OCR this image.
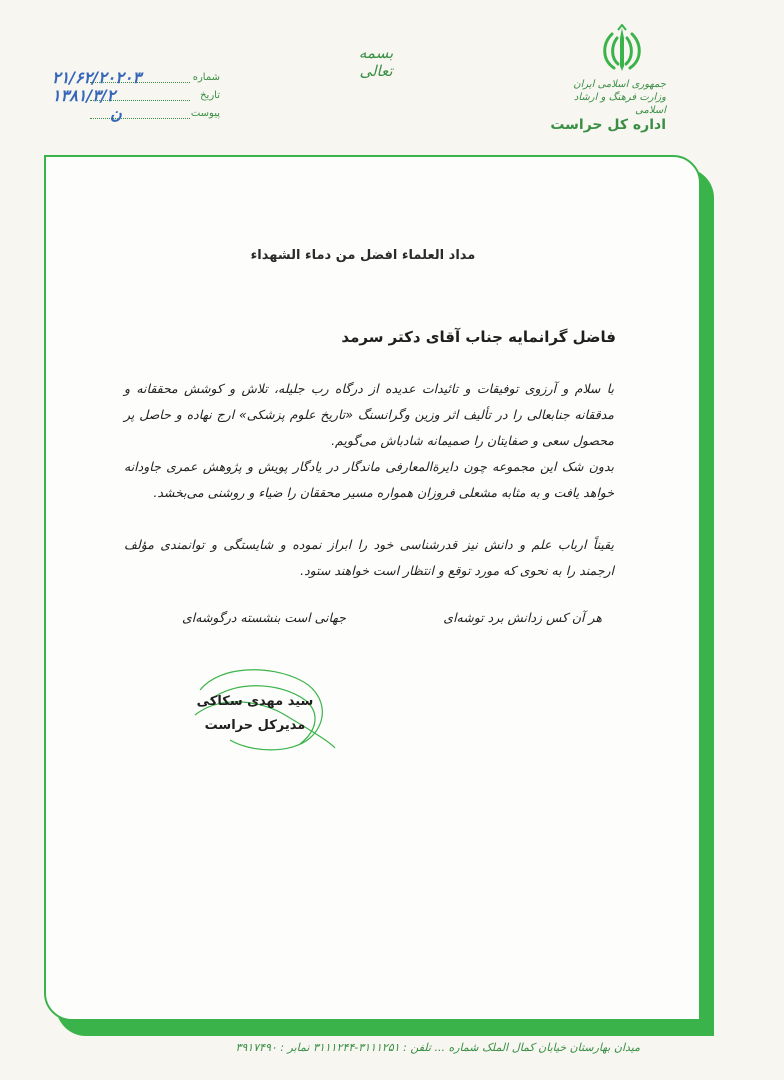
جمهوری اسلامی ایران
وزارت فرهنگ و ارشاد اسلامی
اداره کل حراست
بسمه تعالی
شماره
۲۱/۶۲/۲۰۲۰۳
تاریخ
۱۳۸۱/۳/۲
پیوست
ن
مداد العلماء افضل من دماء الشهداء
فاضل گرانمایه جناب آقای دکتر سرمد
با سلام و آرزوی توفیقات و تائیدات عدیده از درگاه رب جلیله، تلاش و کوشش محققانه و مدققانه جنابعالی را در تألیف اثر وزین وگرانسنگ «تاریخ علوم پزشکی» ارج نهاده و حاصل پر محصول سعی و صفایتان را صمیمانه شادباش می‌گویم.
بدون شک این مجموعه چون دایرة‌المعارفی ماندگار در یادگار پویش و پژوهش عمری جاودانه خواهد یافت و به مثابه مشعلی فروزان همواره مسیر محققان را ضیاء و روشنی می‌بخشد.
یقیناً ارباب علم و دانش نیز قدرشناسی خود را ابراز نموده و شایستگی و توانمندی مؤلف ارجمند را به نحوی که مورد توقع و انتظار است خواهند ستود.
هر آن کس زدانش برد توشه‌ای
جهانی است بنشسته درگوشه‌ای
سید مهدی سکاکی
مدیرکل حراست
میدان بهارستان خیابان کمال الملک شماره ... تلفن : ۳۱۱۱۲۵۱-۳۱۱۱۲۴۴ نمابر : ۳۹۱۷۴۹۰
